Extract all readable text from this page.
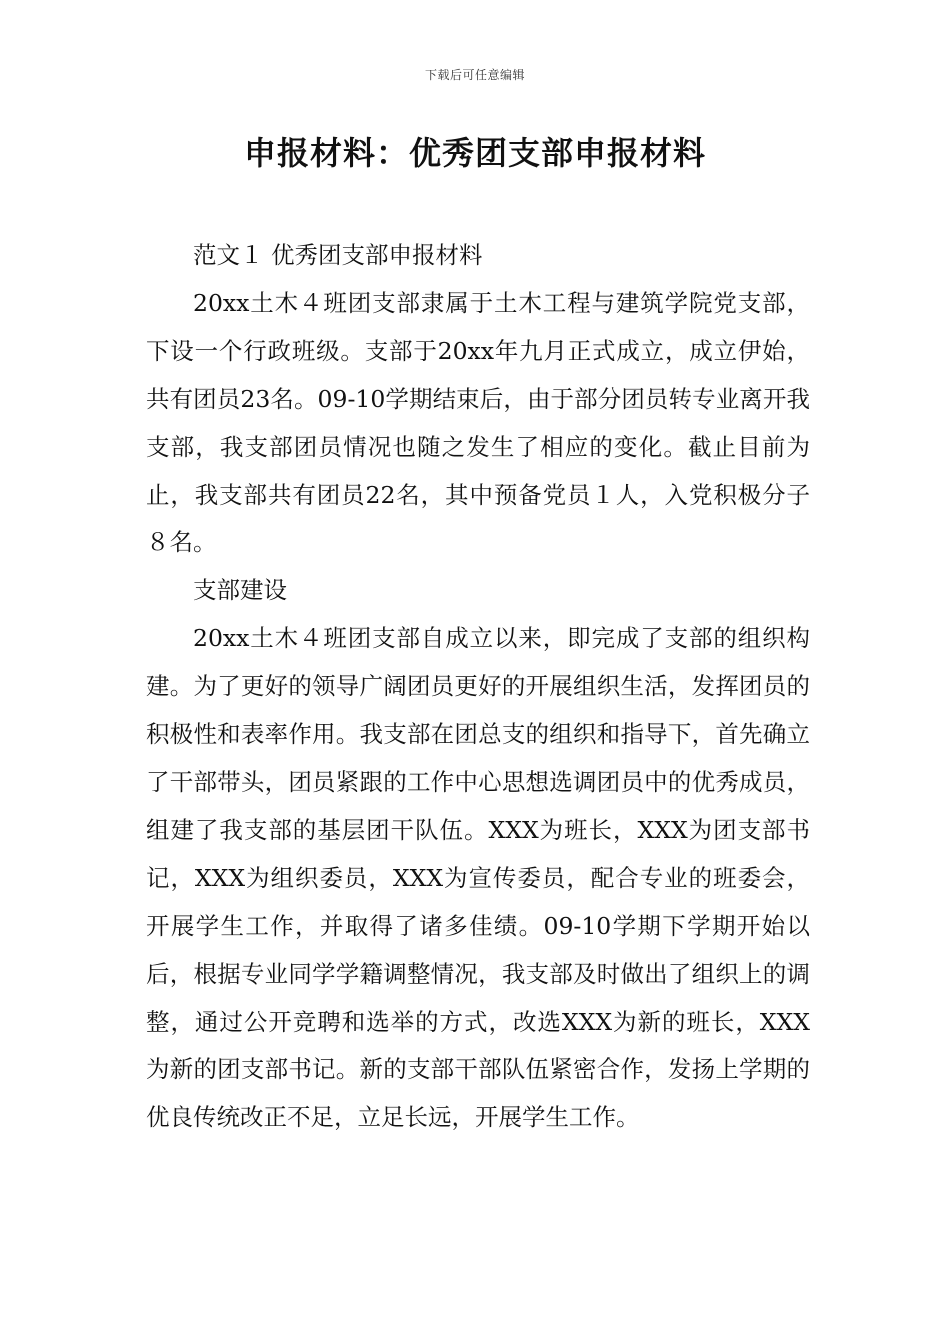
下载后可任意编辑
申报材料：优秀团支部申报材料

范文１ 优秀团支部申报材料

20xx土木４班团支部隶属于土木工程与建筑学院党支部，下设一个行政班级。支部于20xx年九月正式成立，成立伊始，共有团员23名。09-10学期结束后，由于部分团员转专业离开我支部，我支部团员情况也随之发生了相应的变化。截止目前为止，我支部共有团员22名，其中预备党员１人，入党积极分子８名。

支部建设

20xx土木４班团支部自成立以来，即完成了支部的组织构建。为了更好的领导广阔团员更好的开展组织生活，发挥团员的积极性和表率作用。我支部在团总支的组织和指导下，首先确立了干部带头，团员紧跟的工作中心思想选调团员中的优秀成员，组建了我支部的基层团干队伍。XXX为班长，XXX为团支部书记，XXX为组织委员，XXX为宣传委员，配合专业的班委会，开展学生工作，并取得了诸多佳绩。09-10学期下学期开始以后，根据专业同学学籍调整情况，我支部及时做出了组织上的调整，通过公开竞聘和选举的方式，改选XXX为新的班长，XXX为新的团支部书记。新的支部干部队伍紧密合作，发扬上学期的优良传统改正不足，立足长远，开展学生工作。
